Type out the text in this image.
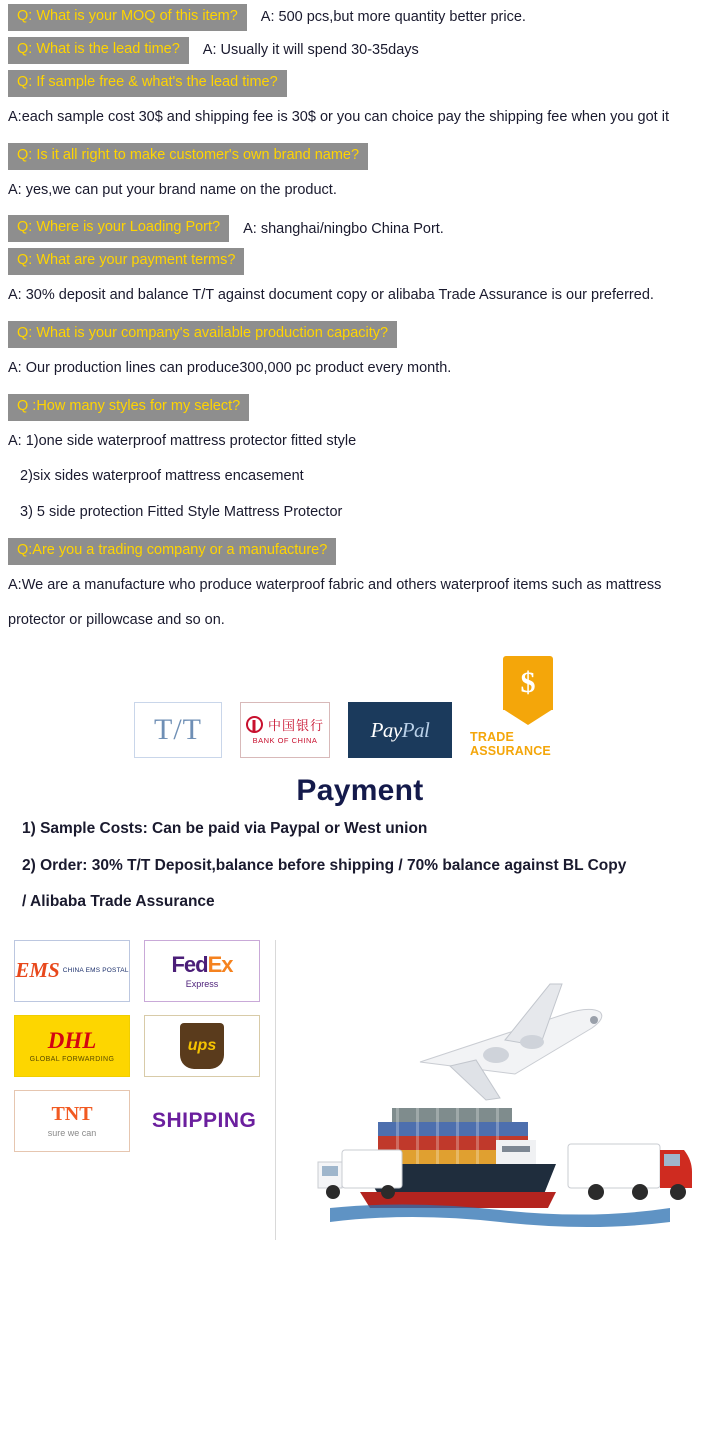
Q: What is your MOQ of this item?	A: 500 pcs,but more quantity better price.
Q: What is the lead time?	A: Usually it will spend 30-35days
Q: If sample free & what's the lead time?
A:each sample cost 30$ and shipping fee is 30$ or you can choice pay the shipping fee when you got it
Q: Is it all right to make customer's own brand name?
A: yes,we can put your brand name on the product.
Q: Where is your Loading Port?	A: shanghai/ningbo China Port.
Q: What are your payment terms?
A: 30% deposit and balance T/T against document copy or alibaba Trade Assurance is our preferred.
Q: What is your company's available production capacity?
A: Our production lines can produce300,000 pc product every month.
Q :How many styles for my select?
A: 1)one side waterproof mattress protector fitted style
2)six sides waterproof mattress encasement
3) 5 side protection Fitted Style Mattress Protector
Q:Are you a trading company or a manufacture?
A:We are a manufacture who produce waterproof fabric and others waterproof items such as mattress
protector or pillowcase and so on.
T/T	中国银行
BANK OF CHINA	Pay Pal
$
TRADE ASSURANCE
Payment
1) Sample Costs: Can be paid via Paypal or West union
2) Order: 30% T/T Deposit,balance before shipping / 70% balance against BL Copy
/ Alibaba Trade Assurance
EMS CHINA EMS POSTAL FedEx
Express
DHL
GLOBAL FORWARDING
ups
TNT
sure we can
SHIPPING
